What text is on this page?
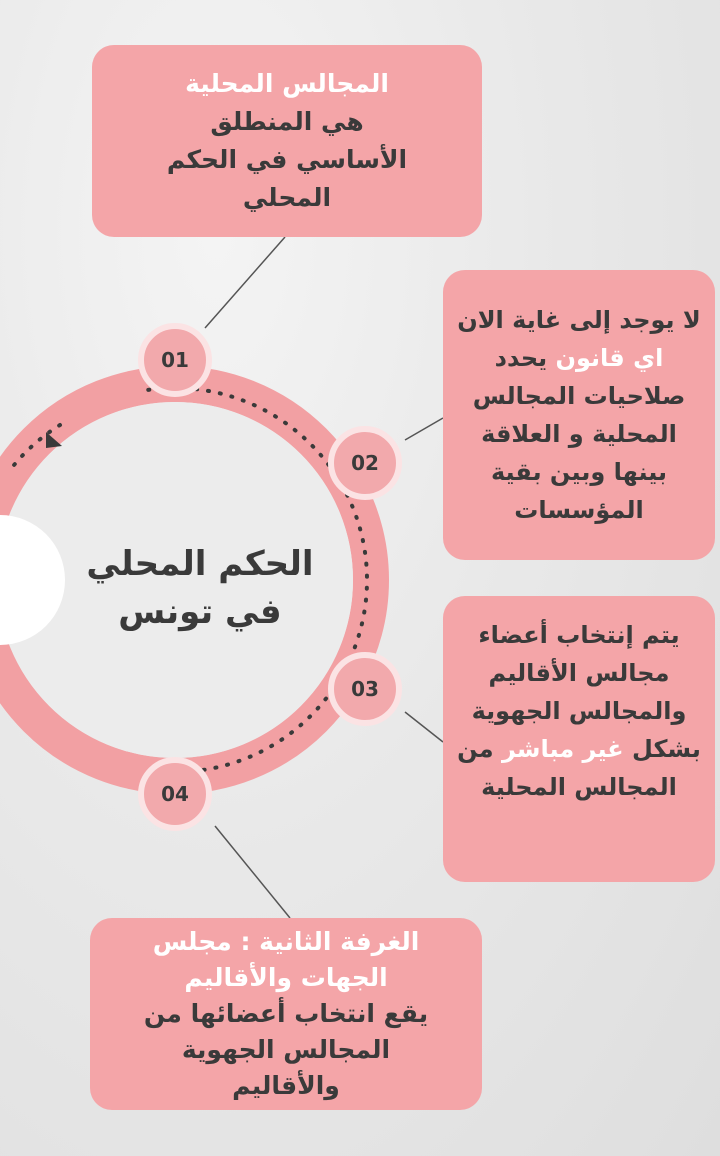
01
02
03
04
الحكم المحلي
في تونس
المجالس المحلية
هي المنطلق
الأساسي في الحكم
المحلي
لا يوجد إلى غاية الان
اي قانون يحدد
صلاحيات المجالس
المحلية و العلاقة
بينها وبين بقية
المؤسسات
يتم إنتخاب أعضاء
مجالس الأقاليم
والمجالس الجهوية
بشكل غير مباشر من
المجالس المحلية
الغرفة الثانية : مجلس
الجهات والأقاليم
يقع انتخاب أعضائها من
المجالس الجهوية
والأقاليم
